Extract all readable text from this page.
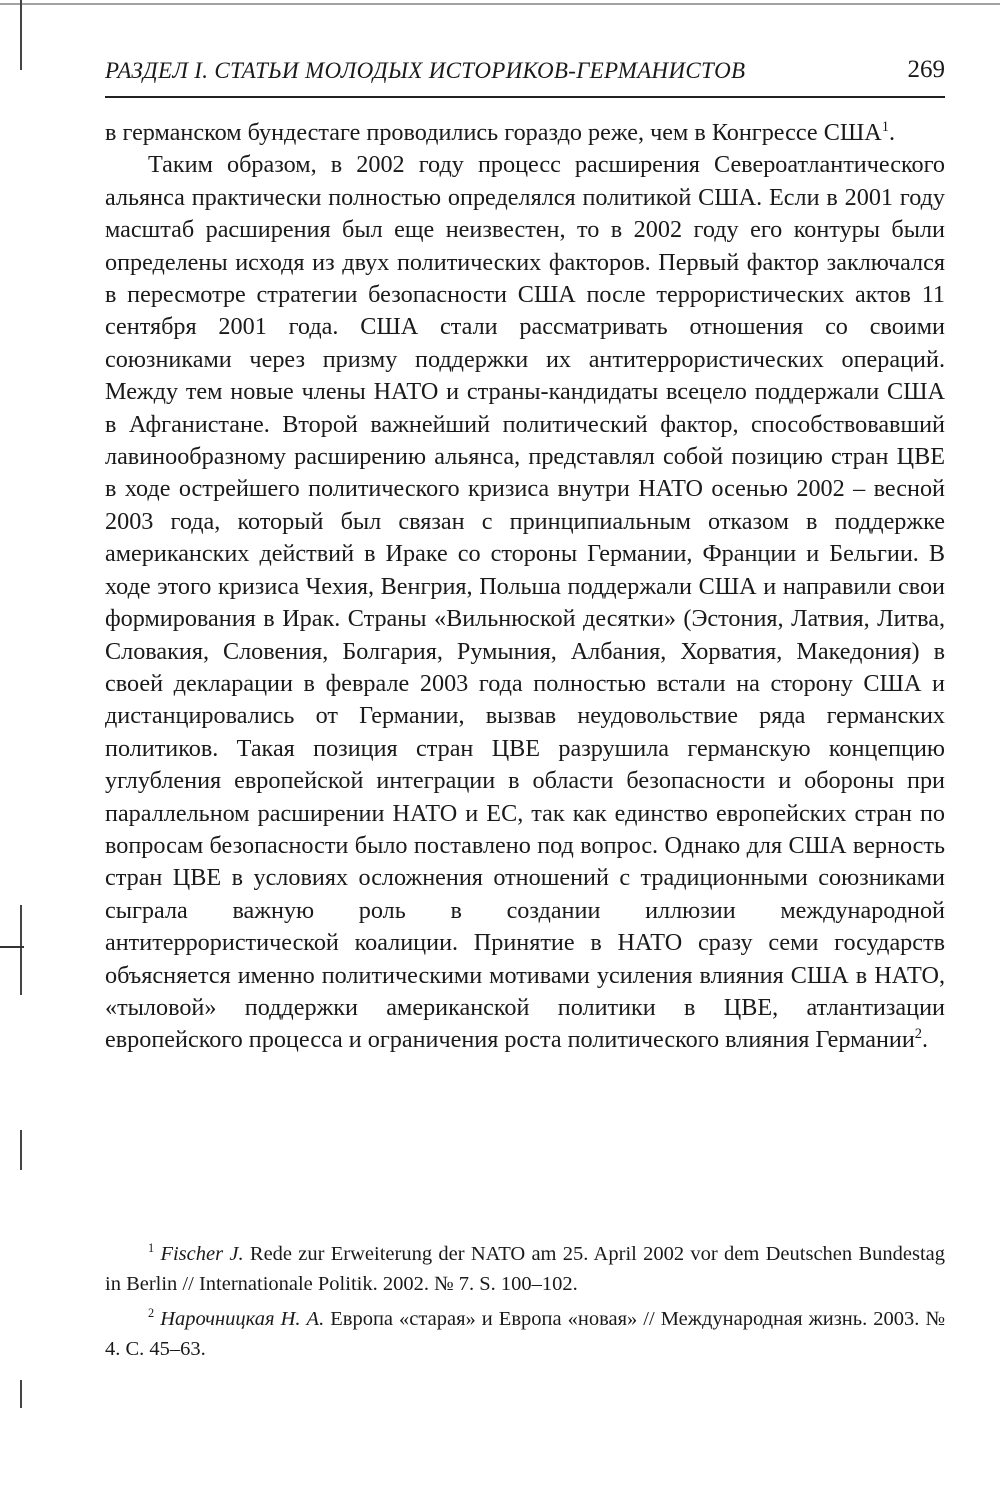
РАЗДЕЛ I. СТАТЬИ МОЛОДЫХ ИСТОРИКОВ-ГЕРМАНИСТОВ	269

в германском бундестаге проводились гораздо реже, чем в Конгрессе США$^1$.

Таким образом, в 2002 году процесс расширения Североатлантического альянса практически полностью определялся политикой США. Если в 2001 году масштаб расширения был еще неизвестен, то в 2002 году его контуры были определены исходя из двух политических факторов. Первый фактор заключался в пересмотре стратегии безопасности США после террористических актов 11 сентября 2001 года. США стали рассматривать отношения со своими союзниками через призму поддержки их антитеррористических операций. Между тем новые члены НАТО и страны-кандидаты всецело поддержали США в Афганистане. Второй важнейший политический фактор, способствовавший лавинообразному расширению альянса, представлял собой позицию стран ЦВЕ в ходе острейшего политического кризиса внутри НАТО осенью 2002 – весной 2003 года, который был связан с принципиальным отказом в поддержке американских действий в Ираке со стороны Германии, Франции и Бельгии. В ходе этого кризиса Чехия, Венгрия, Польша поддержали США и направили свои формирования в Ирак. Страны «Вильнюской десятки» (Эстония, Латвия, Литва, Словакия, Словения, Болгария, Румыния, Албания, Хорватия, Македония) в своей декларации в феврале 2003 года полностью встали на сторону США и дистанцировались от Германии, вызвав неудовольствие ряда германских политиков. Такая позиция стран ЦВЕ разрушила германскую концепцию углубления европейской интеграции в области безопасности и обороны при параллельном расширении НАТО и ЕС, так как единство европейских стран по вопросам безопасности было поставлено под вопрос. Однако для США верность стран ЦВЕ в условиях осложнения отношений с традиционными союзниками сыграла важную роль в создании иллюзии международной антитеррористической коалиции. Принятие в НАТО сразу семи государств объясняется именно политическими мотивами усиления влияния США в НАТО, «тыловой» поддержки американской политики в ЦВЕ, атлантизации европейского процесса и ограничения роста политического влияния Германии$^2$.

$^1$ Fischer J. Rede zur Erweiterung der NATO am 25. April 2002 vor dem Deutschen Bundestag in Berlin // Internationale Politik. 2002. № 7. S. 100–102.

$^2$ Нарочницкая Н. А. Европа «старая» и Европа «новая» // Международная жизнь. 2003. № 4. С. 45–63.
